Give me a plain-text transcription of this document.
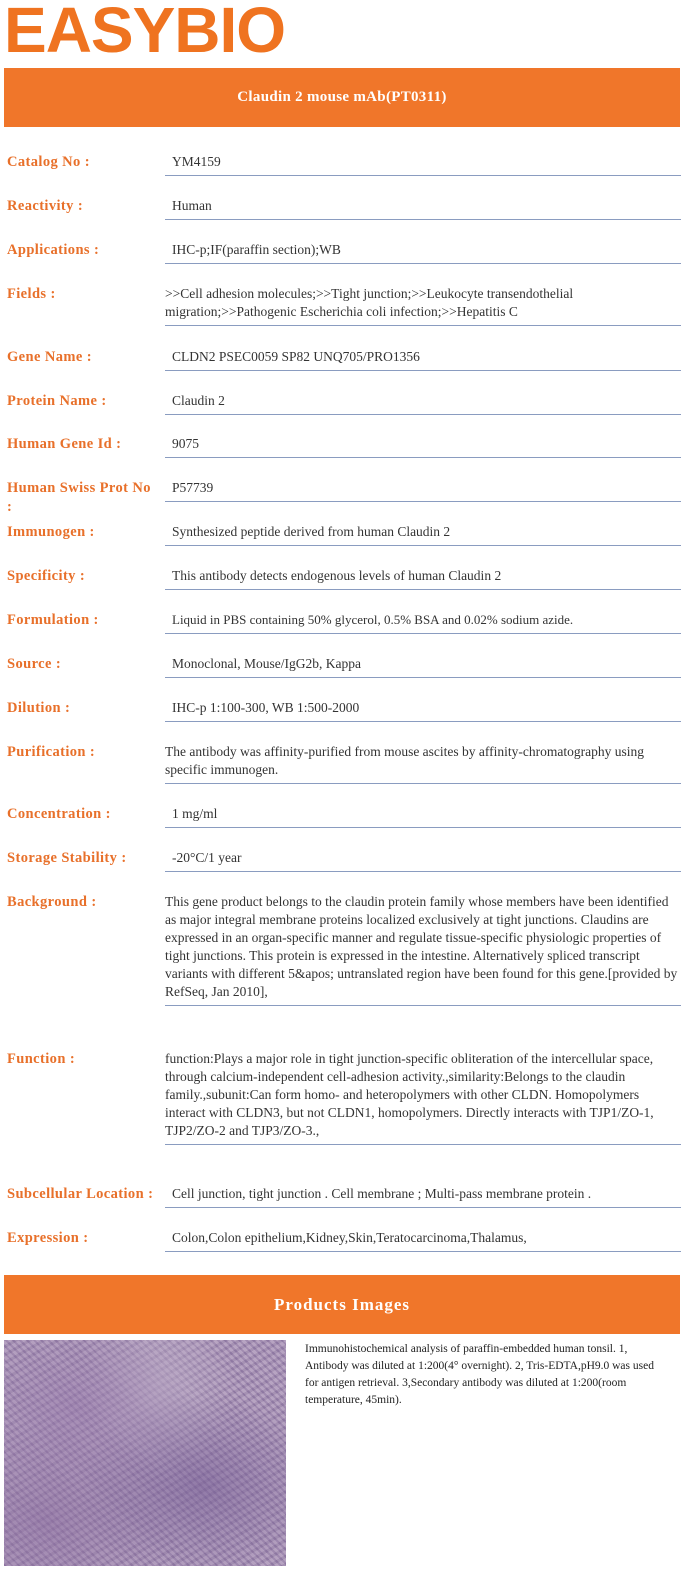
EASYBIO
Claudin 2 mouse mAb(PT0311)
Catalog No :	YM4159
Reactivity :	Human
Applications :	IHC-p;IF(paraffin section);WB
Fields :	>>Cell adhesion molecules;>>Tight junction;>>Leukocyte transendothelial migration;>>Pathogenic Escherichia coli infection;>>Hepatitis C
Gene Name :	CLDN2 PSEC0059 SP82 UNQ705/PRO1356
Protein Name :	Claudin 2
Human Gene Id :	9075
Human Swiss Prot No :
P57739
Immunogen :	Synthesized peptide derived from human Claudin 2
Specificity :	This antibody detects endogenous levels of human Claudin 2
Formulation :	Liquid in PBS containing 50% glycerol, 0.5% BSA and 0.02% sodium azide.
Source :	Monoclonal, Mouse/IgG2b, Kappa
Dilution :	IHC-p 1:100-300, WB 1:500-2000
Purification :	The antibody was affinity-purified from mouse ascites by affinity-chromatography using specific immunogen.
Concentration :	1 mg/ml
Storage Stability :	-20°C/1 year
Background :	This gene product belongs to the claudin protein family whose members have been identified as major integral membrane proteins localized exclusively at tight junctions. Claudins are expressed in an organ-specific manner and regulate tissue-specific physiologic properties of tight junctions. This protein is expressed in the intestine. Alternatively spliced transcript variants with different 5&apos; untranslated region have been found for this gene.[provided by RefSeq, Jan 2010],
Function :	function:Plays a major role in tight junction-specific obliteration of the intercellular space, through calcium-independent cell-adhesion activity.,similarity:Belongs to the claudin family.,subunit:Can form homo- and heteropolymers with other CLDN. Homopolymers interact with CLDN3, but not CLDN1, homopolymers. Directly interacts with TJP1/ZO-1, TJP2/ZO-2 and TJP3/ZO-3.,
Subcellular Location :	Cell junction, tight junction . Cell membrane ; Multi-pass membrane protein .
Expression :	Colon,Colon epithelium,Kidney,Skin,Teratocarcinoma,Thalamus,
Products Images
Immunohistochemical analysis of paraffin-embedded human tonsil. 1, Antibody was diluted at 1:200(4° overnight). 2, Tris-EDTA,pH9.0 was used for antigen retrieval. 3,Secondary antibody was diluted at 1:200(room temperature, 45min).
